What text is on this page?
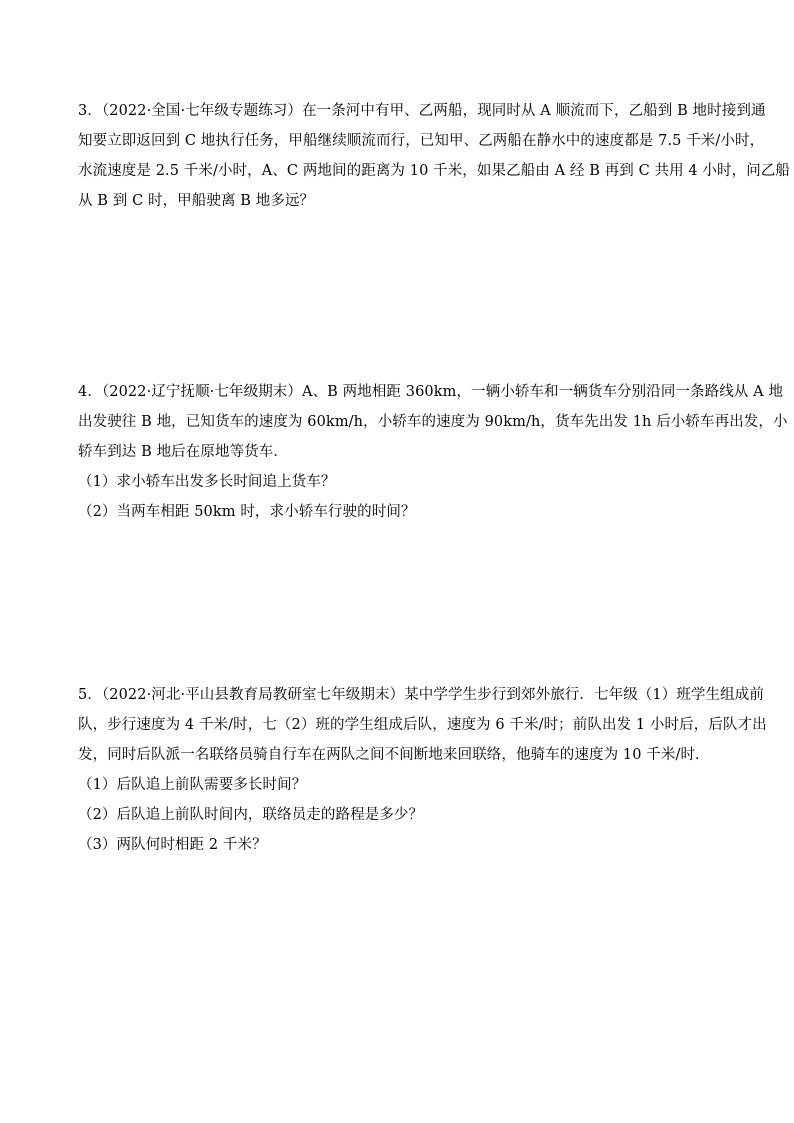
3．（2022·全国·七年级专题练习）在一条河中有甲、乙两船，现同时从 A 顺流而下，乙船到 B 地时接到通
知要立即返回到 C 地执行任务，甲船继续顺流而行，已知甲、乙两船在静水中的速度都是 7.5 千米/小时，
水流速度是 2.5 千米/小时，A、C 两地间的距离为 10 千米，如果乙船由 A 经 B 再到 C 共用 4 小时，问乙船
从 B 到 C 时，甲船驶离 B 地多远？
4．（2022·辽宁抚顺·七年级期末）A、B 两地相距 360km，一辆小轿车和一辆货车分别沿同一条路线从 A 地
出发驶往 B 地，已知货车的速度为 60km/h，小轿车的速度为 90km/h，货车先出发 1h 后小轿车再出发，小
轿车到达 B 地后在原地等货车．
（1）求小轿车出发多长时间追上货车？
（2）当两车相距 50km 时，求小轿车行驶的时间？
5．（2022·河北·平山县教育局教研室七年级期末）某中学学生步行到郊外旅行．七年级（1）班学生组成前
队，步行速度为 4 千米/时，七（2）班的学生组成后队，速度为 6 千米/时；前队出发 1 小时后，后队才出
发，同时后队派一名联络员骑自行车在两队之间不间断地来回联络，他骑车的速度为 10 千米/时．
（1）后队追上前队需要多长时间？
（2）后队追上前队时间内，联络员走的路程是多少？
（3）两队何时相距 2 千米？
